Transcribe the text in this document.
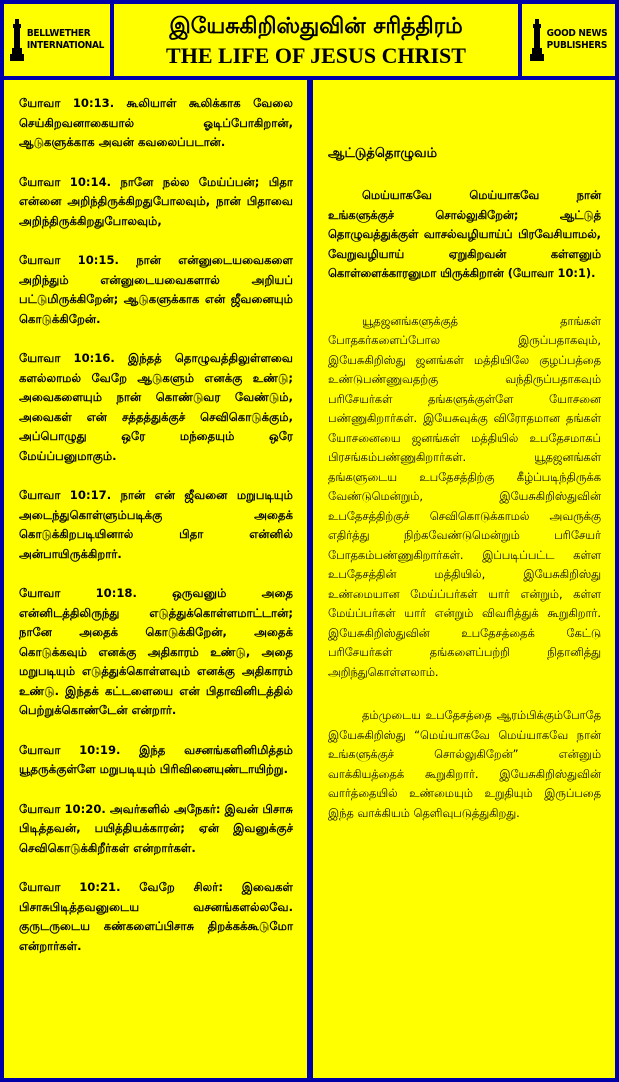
BELLWETHER
INTERNATIONAL
இயேசுகிறிஸ்துவின் சரித்திரம்
THE LIFE OF JESUS CHRIST
GOOD NEWS
PUBLISHERS

யோவா 10:13. கூலியாள் கூலிக்காக வேலை செய்கிறவனாகையால் ஓடிப்போகிறான், ஆடுகளுக்காக அவன் கவலைப்படான்.

யோவா 10:14. நானே நல்ல மேய்ப்பன்; பிதா என்னை அறிந்திருக்கிறதுபோலவும், நான் பிதாவை அறிந்திருக்கிறதுபோலவும்,

யோவா 10:15. நான் என்னுடையவைகளை அறிந்தும் என்னுடையவைகளால் அறியப் பட்டுமிருக்கிறேன்; ஆடுகளுக்காக என் ஜீவனையும் கொடுக்கிறேன்.

யோவா 10:16. இந்தத் தொழுவத்திலுள்ளவை களல்லாமல் வேறே ஆடுகளும் எனக்கு உண்டு; அவைகளையும் நான் கொண்டுவர வேண்டும், அவைகள் என் சத்தத்துக்குச் செவிகொடுக்கும், அப்பொழுது ஒரே மந்தையும் ஒரே மேய்ப்பனுமாகும்.

யோவா 10:17. நான் என் ஜீவனை மறுபடியும் அடைந்துகொள்ளும்படிக்கு அதைக் கொடுக்கிறபடியினால் பிதா என்னில் அன்பாயிருக்கிறார்.

யோவா 10:18. ஒருவனும் அதை என்னிடத்திலிருந்து எடுத்துக்கொள்ளமாட்டான்; நானே அதைக் கொடுக்கிறேன், அதைக் கொடுக்கவும் எனக்கு அதிகாரம் உண்டு, அதை மறுபடியும் எடுத்துக்கொள்ளவும் எனக்கு அதிகாரம் உண்டு. இந்தக் கட்டளையை என் பிதாவினிடத்தில் பெற்றுக்கொண்டேன் என்றார்.

யோவா 10:19. இந்த வசனங்களினிமித்தம் யூதருக்குள்ளே மறுபடியும் பிரிவினையுண்டாயிற்று.

யோவா 10:20. அவர்களில் அநேகர்: இவன் பிசாசு பிடித்தவன், பயித்தியக்காரன்; ஏன் இவனுக்குச் செவிகொடுக்கிறீர்கள் என்றார்கள்.

யோவா 10:21. வேறே சிலர்: இவைகள் பிசாசுபிடித்தவனுடைய வசனங்களல்லவே. குருடருடைய கண்களைப்பிசாசு திறக்கக்கூடுமோ என்றார்கள்.

ஆட்டுத்தொழுவம்

மெய்யாகவே மெய்யாகவே நான் உங்களுக்குச் சொல்லுகிறேன்; ஆட்டுத் தொழுவத்துக்குள் வாசல்வழியாய்ப் பிரவேசியாமல், வேறுவழியாய் ஏறுகிறவன் கள்ளனும் கொள்ளைக்காரனுமா யிருக்கிறான் (யோவா 10:1).

யூதஜனங்களுக்குத் தாங்கள் போதகர்களைப்போல இருப்பதாகவும், இயேசுகிறிஸ்து ஜனங்கள் மத்தியிலே குழப்பத்தை உண்டுபண்ணுவதற்கு வந்திருப்பதாகவும் பரிசேயர்கள் தங்களுக்குள்ளே யோசனை பண்ணுகிறார்கள். இயேசுவுக்கு விரோதமான தங்கள் யோசனையை ஜனங்கள் மத்தியில் உபதேசமாகப் பிரசங்கம்பண்ணுகிறார்கள். யூதஜனங்கள் தங்களுடைய உபதேசத்திற்கு கீழ்ப்படிந்திருக்க வேண்டுமென்றும், இயேசுகிறிஸ்துவின் உபதேசத்திற்குச் செவிகொடுக்காமல் அவருக்கு எதிர்த்து நிற்கவேண்டுமென்றும் பரிசேயர் போதகம்பண்ணுகிறார்கள். இப்படிப்பட்ட கள்ள உபதேசத்தின் மத்தியில், இயேசுகிறிஸ்து உண்மையான மேய்ப்பர்கள் யார் என்றும், கள்ள மேய்ப்பர்கள் யார் என்றும் விவரித்துக் கூறுகிறார். இயேசுகிறிஸ்துவின் உபதேசத்தைக் கேட்டு பரிசேயர்கள் தங்களைப்பற்றி நிதானித்து அறிந்துகொள்ளலாம்.

தம்முடைய உபதேசத்தை ஆரம்பிக்கும்போதே இயேசுகிறிஸ்து “மெய்யாகவே மெய்யாகவே நான் உங்களுக்குச் சொல்லுகிறேன்” என்னும் வாக்கியத்தைக் கூறுகிறார். இயேசுகிறிஸ்துவின் வார்த்தையில் உண்மையும் உறுதியும் இருப்பதை இந்த வாக்கியம் தெளிவுபடுத்துகிறது.
